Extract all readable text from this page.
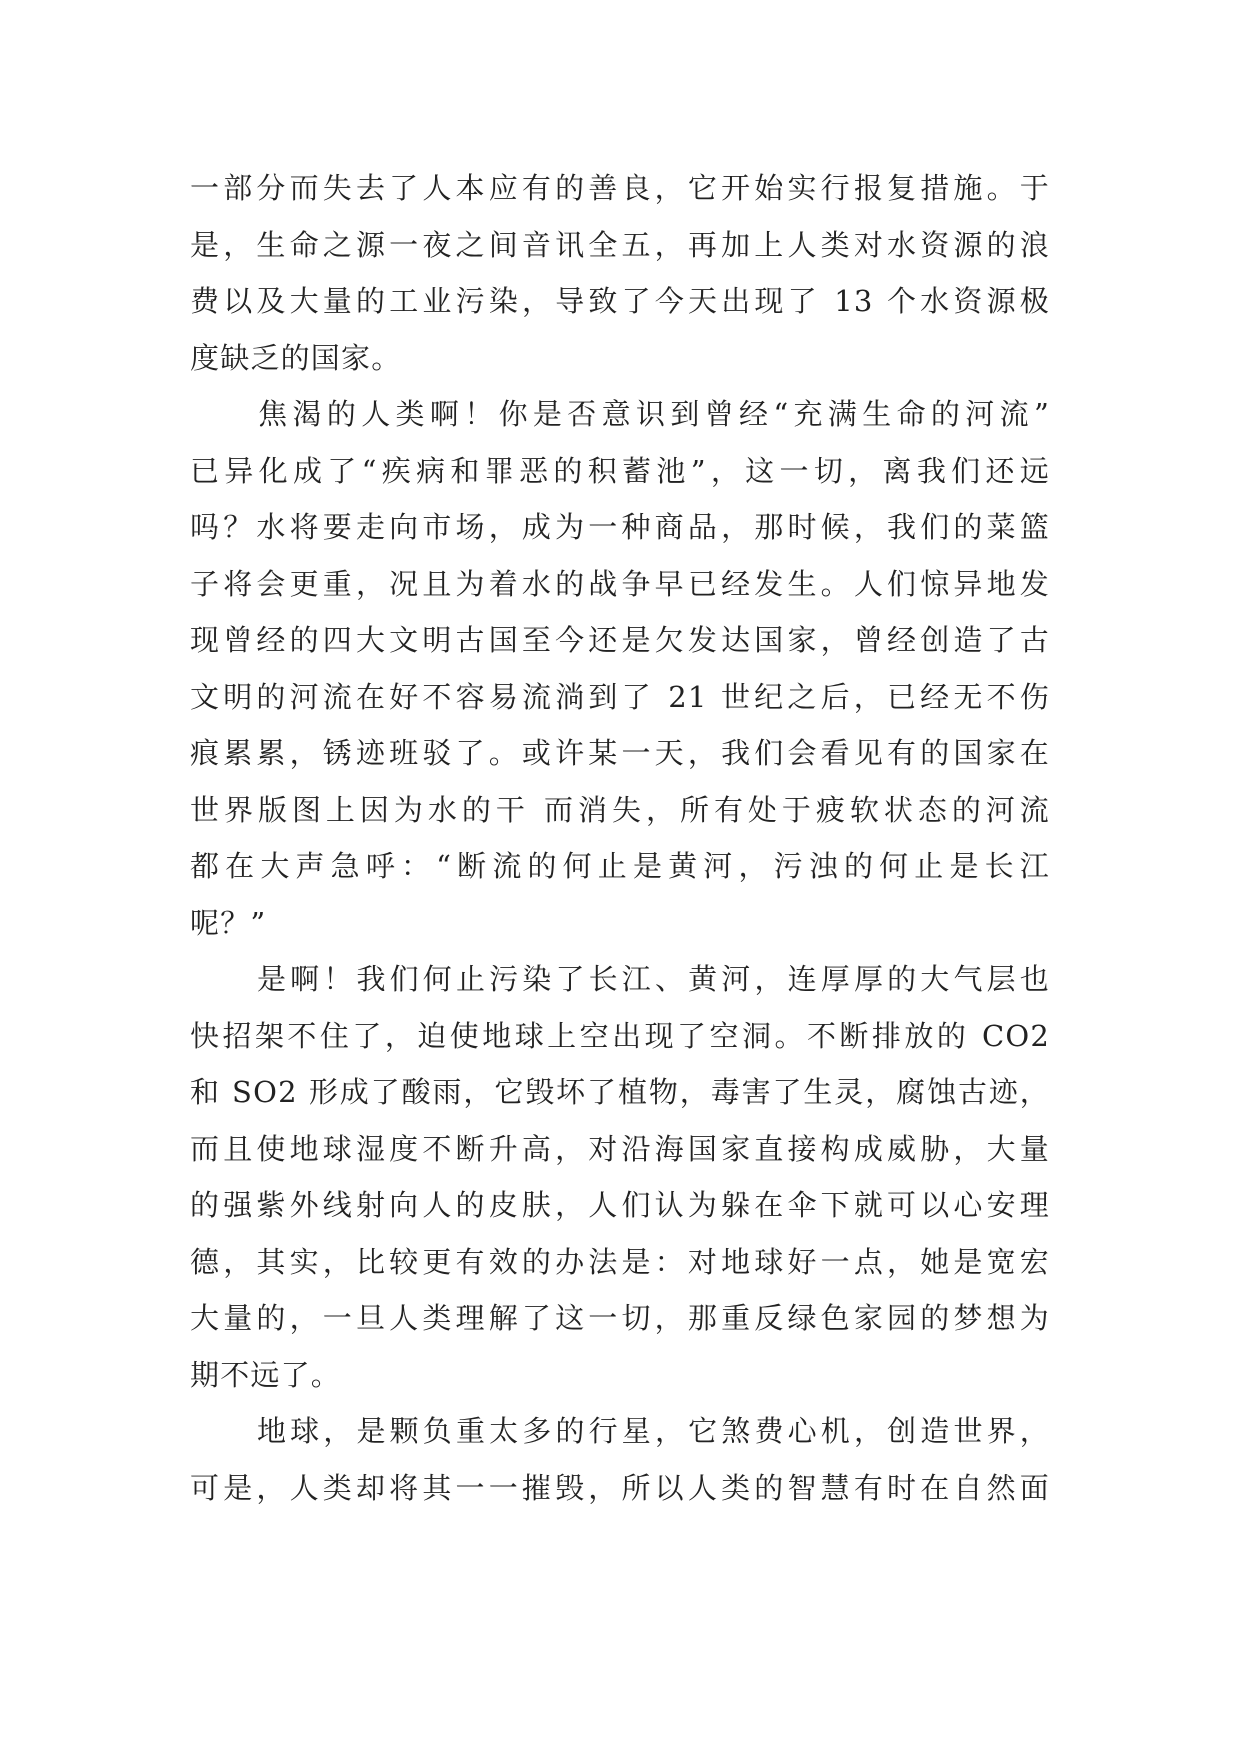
一部分而失去了人本应有的善良，它开始实行报复措施。于
是，生命之源一夜之间音讯全五，再加上人类对水资源的浪
费以及大量的工业污染，导致了今天出现了 13 个水资源极
度缺乏的国家。
焦渴的人类啊！你是否意识到曾经“充满生命的河流”
已异化成了“疾病和罪恶的积蓄池”，这一切，离我们还远
吗？水将要走向市场，成为一种商品，那时候，我们的菜篮
子将会更重，况且为着水的战争早已经发生。人们惊异地发
现曾经的四大文明古国至今还是欠发达国家，曾经创造了古
文明的河流在好不容易流淌到了 21 世纪之后，已经无不伤
痕累累，锈迹班驳了。或许某一天，我们会看见有的国家在
世界版图上因为水的干 而消失，所有处于疲软状态的河流
都在大声急呼：“断流的何止是黄河，污浊的何止是长江
呢？”
是啊！我们何止污染了长江、黄河，连厚厚的大气层也
快招架不住了，迫使地球上空出现了空洞。不断排放的 CO2
和 SO2 形成了酸雨，它毁坏了植物，毒害了生灵，腐蚀古迹，
而且使地球湿度不断升高，对沿海国家直接构成威胁，大量
的强紫外线射向人的皮肤，人们认为躲在伞下就可以心安理
德，其实，比较更有效的办法是：对地球好一点，她是宽宏
大量的，一旦人类理解了这一切，那重反绿色家园的梦想为
期不远了。
地球，是颗负重太多的行星，它煞费心机，创造世界，
可是，人类却将其一一摧毁，所以人类的智慧有时在自然面
